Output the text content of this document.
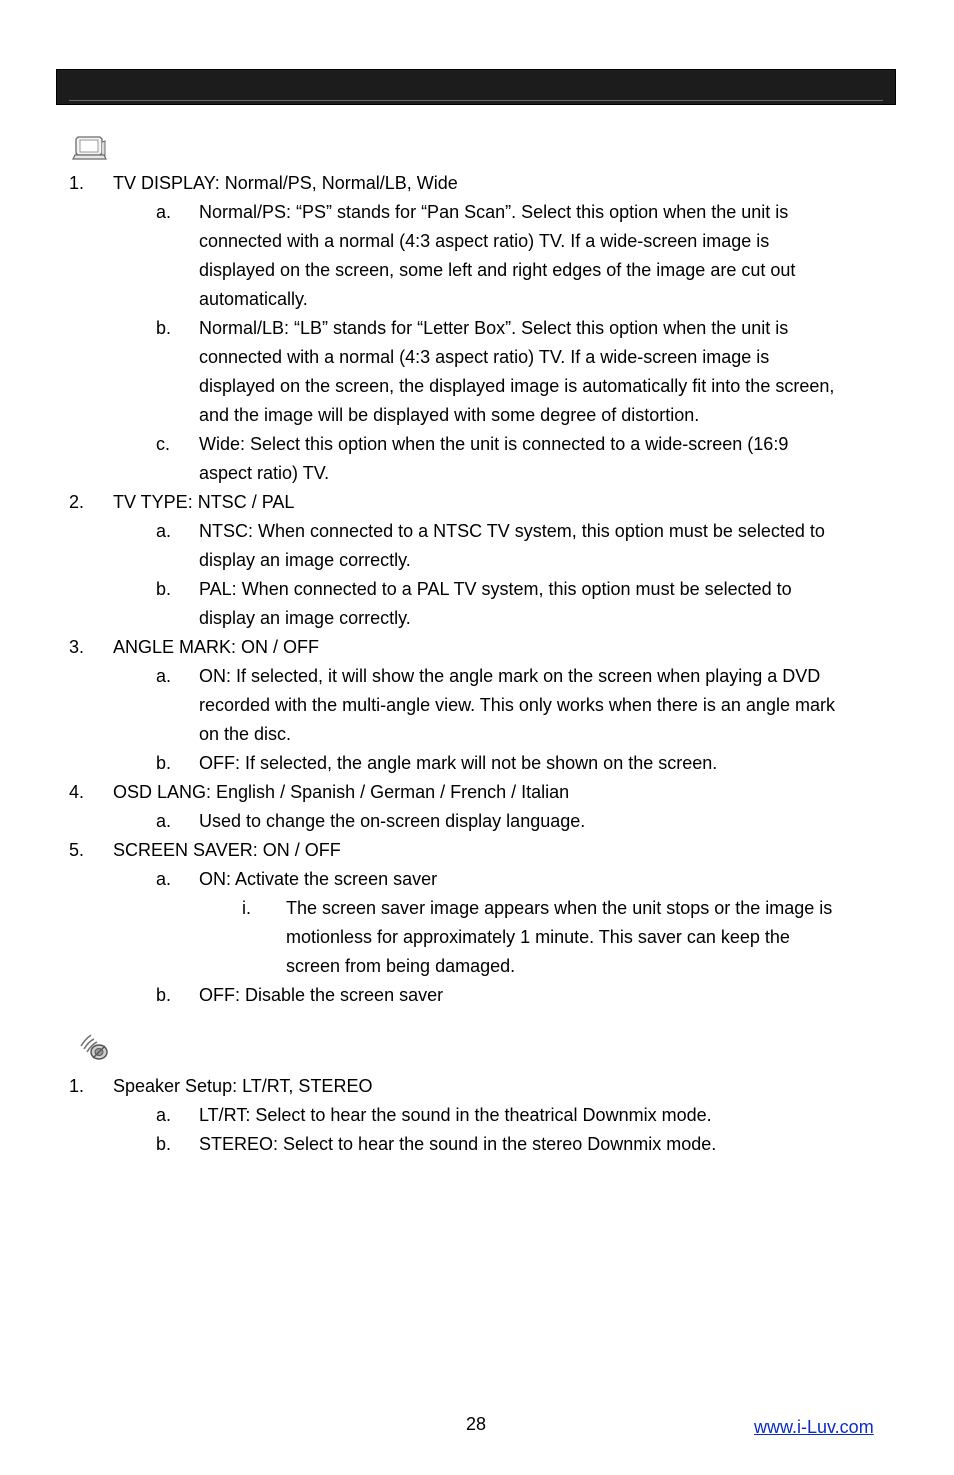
1. TV DISPLAY: Normal/PS, Normal/LB, Wide
a. Normal/PS: “PS” stands for “Pan Scan”. Select this option when the unit is
connected with a normal (4:3 aspect ratio) TV. If a wide-screen image is
displayed on the screen, some left and right edges of the image are cut out
automatically.
b. Normal/LB: “LB” stands for “Letter Box”. Select this option when the unit is
connected with a normal (4:3 aspect ratio) TV. If a wide-screen image is
displayed on the screen, the displayed image is automatically fit into the screen,
and the image will be displayed with some degree of distortion.
c. Wide: Select this option when the unit is connected to a wide-screen (16:9
aspect ratio) TV.
2. TV TYPE: NTSC / PAL
a. NTSC: When connected to a NTSC TV system, this option must be selected to
display an image correctly.
b. PAL: When connected to a PAL TV system, this option must be selected to
display an image correctly.
3. ANGLE MARK: ON / OFF
a. ON: If selected, it will show the angle mark on the screen when playing a DVD
recorded with the multi-angle view. This only works when there is an angle mark
on the disc.
b. OFF: If selected, the angle mark will not be shown on the screen.
4. OSD LANG: English / Spanish / German / French / Italian
a. Used to change the on-screen display language.
5. SCREEN SAVER: ON / OFF
a. ON: Activate the screen saver
i. The screen saver image appears when the unit stops or the image is
motionless for approximately 1 minute. This saver can keep the
screen from being damaged.
b. OFF: Disable the screen saver
1. Speaker Setup: LT/RT, STEREO
a. LT/RT: Select to hear the sound in the theatrical Downmix mode.
b. STEREO: Select to hear the sound in the stereo Downmix mode.
28	www.i-Luv.com
